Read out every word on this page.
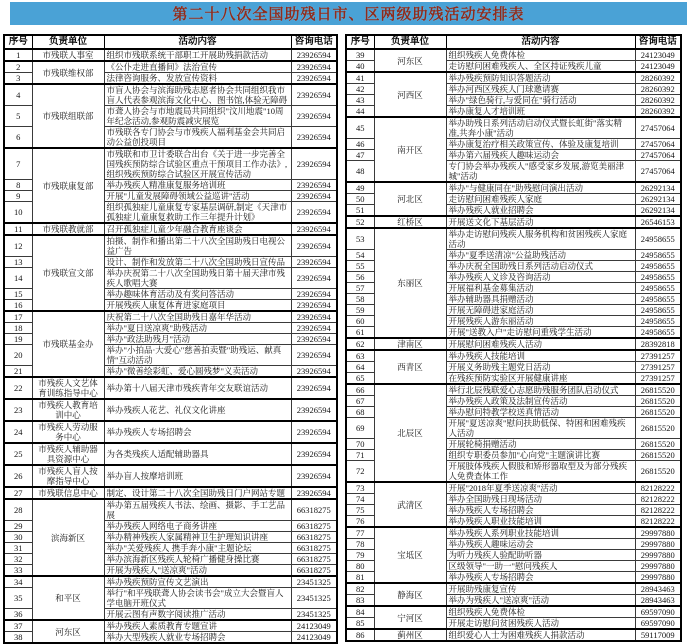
第二十八次全国助残日市、区两级助残活动安排表
序号	负责单位	活动内容	咨询电话
1	市残联人事室	组织市残联系统干部职工开展助残捐款活动	23926594
2	市残联维权部	《公仆走进直播间》法治宣传	23926594
3		法律咨询服务、发放宣传资料	23926594
4	市残联组联部	市盲人协会与滨海助残志愿者协会共同组织我市盲人代表参观滨海文化中心、图书馆,体验无障碍	23926594
5		市聋人协会与市地震局共同组织"汶川地震"10周年纪念活动,参观防震减灾展览	23926594
6		市残联各专门协会与市残疾人福利基金会共同启动公益创投项目	23926594
7	市残联康复部	市残联和市卫计委联合出台《关于进一步完善全国残疾预防综合试验区重点干预项目工作办法》,组织残疾预防综合试验区开展宣传活动	23926594
8		举办残疾人精准康复服务培训班	23926594
9		开展"儿童发展障碍领域公益巡讲"活动	23926594
10		组织孤独症儿童康复专家基层调研,制定《天津市孤独症儿童康复救助工作三年提升计划》	23926594
11	市残联教就部	召开孤独症儿童少年融合教育座谈会	23926594
12	市残联宣文部	拍摄、制作和播出第二十八次全国助残日电视公益广告	23926594
13		设计、制作和发放第二十八次全国助残日宣传品	23926594
14		举办庆祝第二十八次全国助残日第十届天津市残疾人歌唱大赛	23926594
15		举办趣味体育活动及有奖问答活动	23926594
16		开展残疾人康复体育进家庭项目	23926594
17	市残联基金办	庆祝第二十八次全国助残日嘉年华活动	23926594
18		举办"夏日送凉爽"助残活动	23926594
19		举办"政法助残月"活动	23926594
20		举办"小拍品·大爱心"慈善拍卖暨"助残运、献真情"互动活动	23926594
21		举办"微善绘彩虹、爱心圆残梦"义卖活动	23926594
22	市残疾人文艺体育训练指导中心	举办第十八届天津市残疾青年交友联谊活动	23926594
23	市残疾人教育培训中心	举办残疾人花艺、礼仪文化讲座	23926594
24	市残疾人劳动服务中心	举办残疾人专场招聘会	23926594
25	市残疾人辅助器具资源中心	为各类残疾人适配辅助器具	23926594
26	市残疾人盲人按摩指导中心	举办盲人按摩培训班	23926594
27	市残联信息中心	制定、设计第二十八次全国助残日门户网站专题	23926594
28	滨海新区	举办第五届残疾人书法、绘画、摄影、手工艺品展	66318275
29		举办残疾人网络电子商务讲座	66318275
30		举办精神残疾人家属精神卫生护理知识讲座	66318275
31		举办"关爱残疾人 携手奔小康"主题论坛	66318275
32		举办滨海新区残疾人轮椅广播健身操比赛	66318275
33		开展为残疾人"送凉爽"活动	66318275
34	和平区	举办残疾预防宣传文艺演出	23451325
35		举行"和平残联聋人协会读书会"成立大会暨盲人学电脑开班仪式	23451325
36		开展云图有声数字阅读推广活动	23451325
37	河东区	举办残疾人素质教育专题宣讲	24123049
38		举办大型残疾人就业专场招聘会	24123049
序号	负责单位	活动内容	咨询电话
39	河东区	组织残疾人免费体检	24123049
40		走访慰问困难残疾人、全区持证残疾儿童	24123049
41	河西区	举办残疾预防知识答题活动	28260392
42		举办河西区残疾人门球邀请赛	28260392
43		举办"绿色骑行,与爱同在"骑行活动	28260392
44		举办康复人才培训班	28260392
45	南开区	举办助残日系列活动启动仪式暨长虹街"落实精准,共奔小康"活动	27457064
46		举办康复治疗相关政策宣传、体验及康复培训	27457064
47		举办第六届残疾人趣味运动会	27457064
48		专门协会举办残疾人"感受家乡发展,游览美丽津城"活动	27457064
49	河北区	举办"与健康同在"助残慰问演出活动	26292134
50		走访慰问困难残疾人家庭	26292134
51		举办残疾人就业招聘会	26292134
52	红桥区	开展送文化下基层活动	26546153
53	东丽区	举办走访慰问残疾人服务机构和贫困残疾人家庭活动	24958655
54		举办"夏季送清凉"公益助残活动	24958655
55		举办庆祝全国助残日系列活动启动仪式	24958655
56		举办残疾人义诊及咨询活动	24958655
57		开展福利基金募集活动	24958655
58		举办辅助器具捐赠活动	24958655
59		开展无障碍进家庭活动	24958655
60		开展残疾人游东丽活动	24958655
61		开展"送教入户"走访慰问重残学生活动	24958655
62	津南区	开展慰问困难残疾人活动	28392818
63	西青区	举办残疾人技能培训	27391257
64		开展义务助残主题党日活动	27391257
65		在残疾预防实验区开展健康讲座	27391257
66	北辰区	举行北辰残联爱心志愿助残服务团队启动仪式	26815520
67		举办残疾人政策及法制宣传活动	26815520
68		举办慰问特教学校送真情活动	26815520
69		开展"夏送凉爽"慰问扶助低保、特困和困难残疾人活动	26815520
70		开展轮椅捐赠活动	26815520
71		组织专职委员参加"心向党"主题演讲比赛	26815520
72		开展肢体残疾人假肢和矫形器取型及为部分残疾人免费查体工作	26815520
73	武清区	开展"2018年夏季送凉爽"活动	82128222
74		举办全国助残日现场活动	82128222
75		举办残疾人专场招聘会	82128222
76		举办残疾人职业技能培训	82128222
77	宝坻区	举办残疾人系列职业技能培训	29997880
78		举办残疾人趣味运动会	29997880
79		为听力残疾人验配助听器	29997880
80		区级领导"一助一"慰问残疾人	29997880
81		举办残疾人专场招聘会	29997880
82	静海区	开展助残康复宣传	28943463
83		举办为残疾人"送凉爽"活动	28943463
84	宁河区	组织残疾人免费体检	69597090
85		开展走访慰问贫困残疾人活动	69597090
86	蓟州区	组织爱心人士为困难残疾人捐款活动	59117009
